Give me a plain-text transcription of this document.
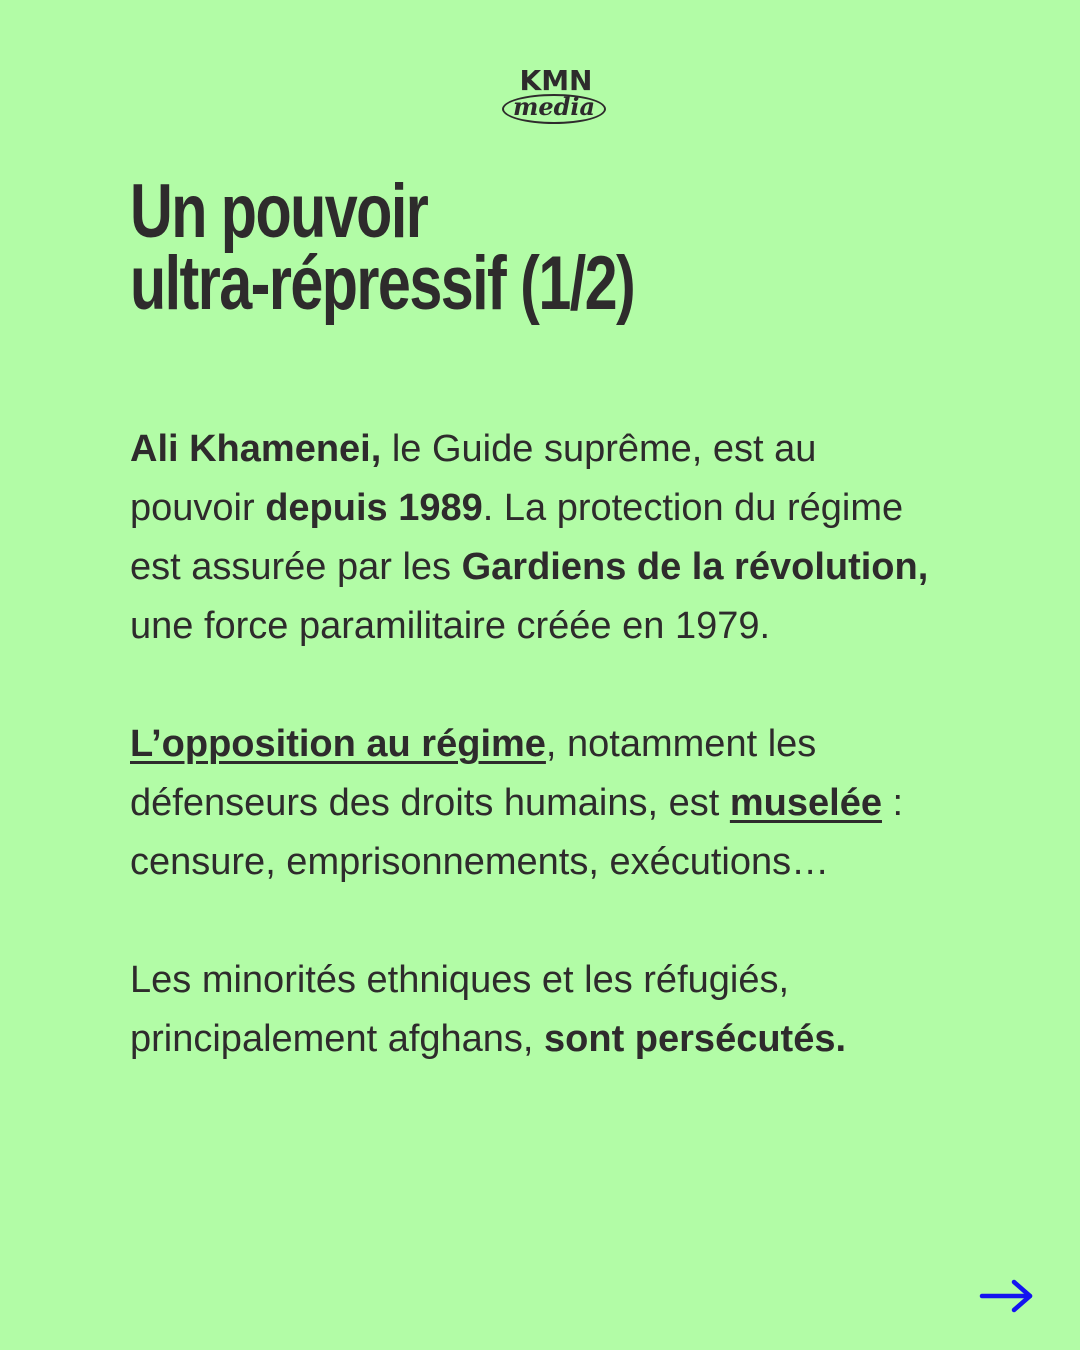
KMN
media
Un pouvoir
ultra-répressif (1/2)

Ali Khamenei, le Guide suprême, est au pouvoir depuis 1989. La protection du régime est assurée par les Gardiens de la révolution, une force paramilitaire créée en 1979.

L’opposition au régime, notamment les défenseurs des droits humains, est muselée : censure, emprisonnements, exécutions…

Les minorités ethniques et les réfugiés, principalement afghans, sont persécutés.
